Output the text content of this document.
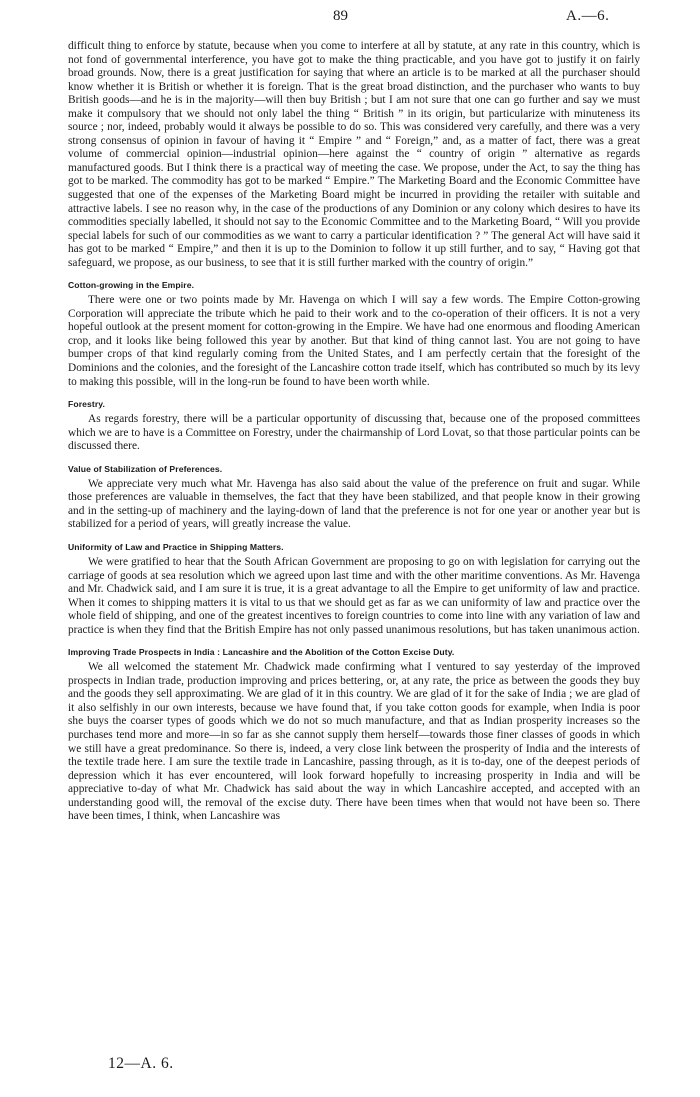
89	A.—6.

difficult thing to enforce by statute, because when you come to interfere at all by statute, at any rate in this country, which is not fond of governmental interference, you have got to make the thing practicable, and you have got to justify it on fairly broad grounds. Now, there is a great justification for saying that where an article is to be marked at all the purchaser should know whether it is British or whether it is foreign. That is the great broad distinction, and the purchaser who wants to buy British goods—and he is in the majority—will then buy British ; but I am not sure that one can go further and say we must make it compulsory that we should not only label the thing “ British ” in its origin, but particularize with minuteness its source ; nor, indeed, probably would it always be possible to do so. This was considered very carefully, and there was a very strong consensus of opinion in favour of having it “ Empire ” and “ Foreign,” and, as a matter of fact, there was a great volume of commercial opinion—industrial opinion—here against the “ country of origin ” alternative as regards manufactured goods. But I think there is a practical way of meeting the case. We propose, under the Act, to say the thing has got to be marked. The commodity has got to be marked “ Empire.” The Marketing Board and the Economic Committee have suggested that one of the expenses of the Marketing Board might be incurred in providing the retailer with suitable and attractive labels. I see no reason why, in the case of the productions of any Dominion or any colony which desires to have its commodities specially labelled, it should not say to the Economic Committee and to the Marketing Board, “ Will you provide special labels for such of our commodities as we want to carry a particular identification ? ” The general Act will have said it has got to be marked “ Empire,” and then it is up to the Dominion to follow it up still further, and to say, “ Having got that safeguard, we propose, as our business, to see that it is still further marked with the country of origin.”

Cotton-growing in the Empire.

There were one or two points made by Mr. Havenga on which I will say a few words. The Empire Cotton-growing Corporation will appreciate the tribute which he paid to their work and to the co-operation of their officers. It is not a very hopeful outlook at the present moment for cotton-growing in the Empire. We have had one enormous and flooding American crop, and it looks like being followed this year by another. But that kind of thing cannot last. You are not going to have bumper crops of that kind regularly coming from the United States, and I am perfectly certain that the foresight of the Dominions and the colonies, and the foresight of the Lancashire cotton trade itself, which has contributed so much by its levy to making this possible, will in the long-run be found to have been worth while.

Forestry.

As regards forestry, there will be a particular opportunity of discussing that, because one of the proposed committees which we are to have is a Committee on Forestry, under the chairmanship of Lord Lovat, so that those particular points can be discussed there.

Value of Stabilization of Preferences.

We appreciate very much what Mr. Havenga has also said about the value of the preference on fruit and sugar. While those preferences are valuable in themselves, the fact that they have been stabilized, and that people know in their growing and in the setting-up of machinery and the laying-down of land that the preference is not for one year or another year but is stabilized for a period of years, will greatly increase the value.

Uniformity of Law and Practice in Shipping Matters.

We were gratified to hear that the South African Government are proposing to go on with legislation for carrying out the carriage of goods at sea resolution which we agreed upon last time and with the other maritime conventions. As Mr. Havenga and Mr. Chadwick said, and I am sure it is true, it is a great advantage to all the Empire to get uniformity of law and practice. When it comes to shipping matters it is vital to us that we should get as far as we can uniformity of law and practice over the whole field of shipping, and one of the greatest incentives to foreign countries to come into line with any variation of law and practice is when they find that the British Empire has not only passed unanimous resolutions, but has taken unanimous action.

Improving Trade Prospects in India : Lancashire and the Abolition of the Cotton Excise Duty.

We all welcomed the statement Mr. Chadwick made confirming what I ventured to say yesterday of the improved prospects in Indian trade, production improving and prices bettering, or, at any rate, the price as between the goods they buy and the goods they sell approximating. We are glad of it in this country. We are glad of it for the sake of India ; we are glad of it also selfishly in our own interests, because we have found that, if you take cotton goods for example, when India is poor she buys the coarser types of goods which we do not so much manufacture, and that as Indian prosperity increases so the purchases tend more and more—in so far as she cannot supply them herself—towards those finer classes of goods in which we still have a great predominance. So there is, indeed, a very close link between the prosperity of India and the interests of the textile trade here. I am sure the textile trade in Lancashire, passing through, as it is to-day, one of the deepest periods of depression which it has ever encountered, will look forward hopefully to increasing prosperity in India and will be appreciative to-day of what Mr. Chadwick has said about the way in which Lancashire accepted, and accepted with an understanding good will, the removal of the excise duty. There have been times when that would not have been so. There have been times, I think, when Lancashire was

12—A. 6.
